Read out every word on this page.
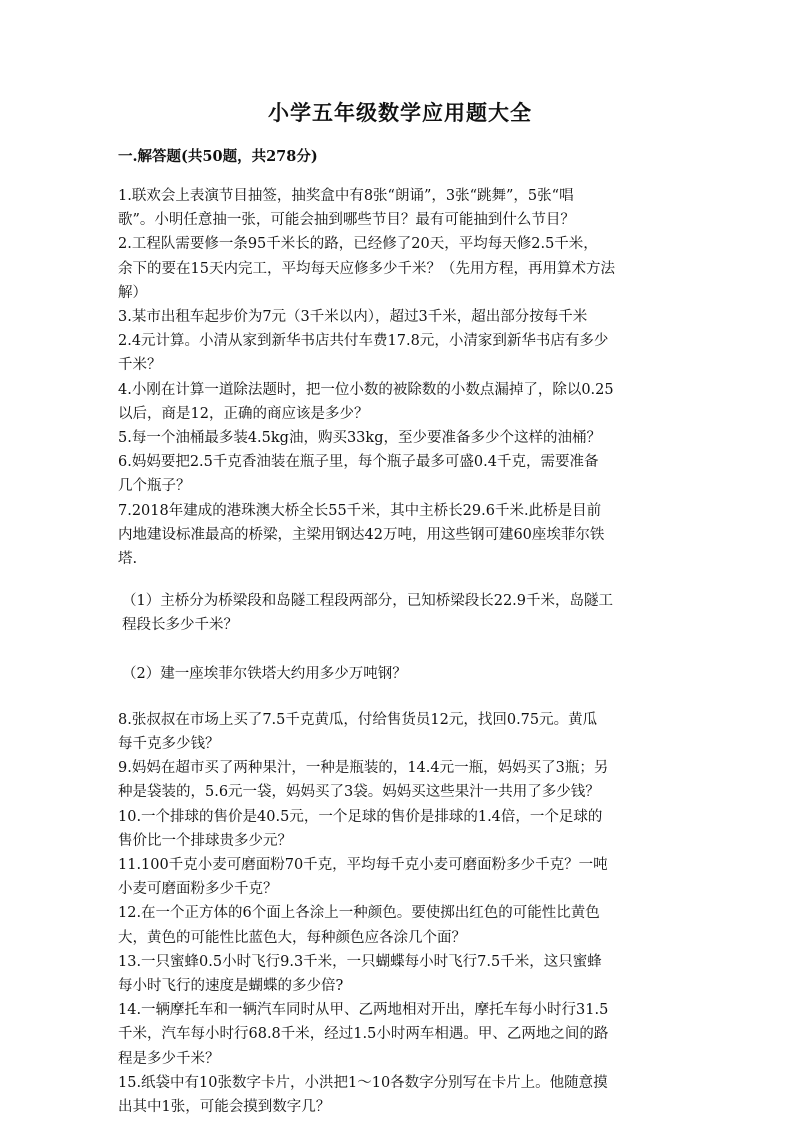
小学五年级数学应用题大全
一.解答题(共50题，共278分)
1.联欢会上表演节目抽签，抽奖盒中有8张“朗诵”，3张“跳舞”，5张“唱
歌”。小明任意抽一张，可能会抽到哪些节目？最有可能抽到什么节目？
2.工程队需要修一条95千米长的路，已经修了20天，平均每天修2.5千米，
余下的要在15天内完工，平均每天应修多少千米？（先用方程，再用算术方法
解）
3.某市出租车起步价为7元（3千米以内），超过3千米，超出部分按每千米
2.4元计算。小清从家到新华书店共付车费17.8元，小清家到新华书店有多少
千米？
4.小刚在计算一道除法题时，把一位小数的被除数的小数点漏掉了，除以0.25
以后，商是12，正确的商应该是多少？
5.每一个油桶最多装4.5kg油，购买33kg，至少要准备多少个这样的油桶？
6.妈妈要把2.5千克香油装在瓶子里，每个瓶子最多可盛0.4千克，需要准备
几个瓶子？
7.2018年建成的港珠澳大桥全长55千米，其中主桥长29.6千米.此桥是目前
内地建设标准最高的桥梁，主梁用钢达42万吨，用这些钢可建60座埃菲尔铁
塔.
（1）主桥分为桥梁段和岛隧工程段两部分，已知桥梁段长22.9千米，岛隧工
程段长多少千米？
（2）建一座埃菲尔铁塔大约用多少万吨钢？
8.张叔叔在市场上买了7.5千克黄瓜，付给售货员12元，找回0.75元。黄瓜
每千克多少钱？
9.妈妈在超市买了两种果汁，一种是瓶装的，14.4元一瓶，妈妈买了3瓶；另
种是袋装的，5.6元一袋，妈妈买了3袋。妈妈买这些果汁一共用了多少钱？
10.一个排球的售价是40.5元，一个足球的售价是排球的1.4倍，一个足球的
售价比一个排球贵多少元？
11.100千克小麦可磨面粉70千克，平均每千克小麦可磨面粉多少千克？一吨
小麦可磨面粉多少千克？
12.在一个正方体的6个面上各涂上一种颜色。要使掷出红色的可能性比黄色
大，黄色的可能性比蓝色大，每种颜色应各涂几个面？
13.一只蜜蜂0.5小时飞行9.3千米，一只蝴蝶每小时飞行7.5千米，这只蜜蜂
每小时飞行的速度是蝴蝶的多少倍?
14.一辆摩托车和一辆汽车同时从甲、乙两地相对开出，摩托车每小时行31.5
千米，汽车每小时行68.8千米，经过1.5小时两车相遇。甲、乙两地之间的路
程是多少千米？
15.纸袋中有10张数字卡片，小洪把1～10各数字分别写在卡片上。他随意摸
出其中1张，可能会摸到数字几？
